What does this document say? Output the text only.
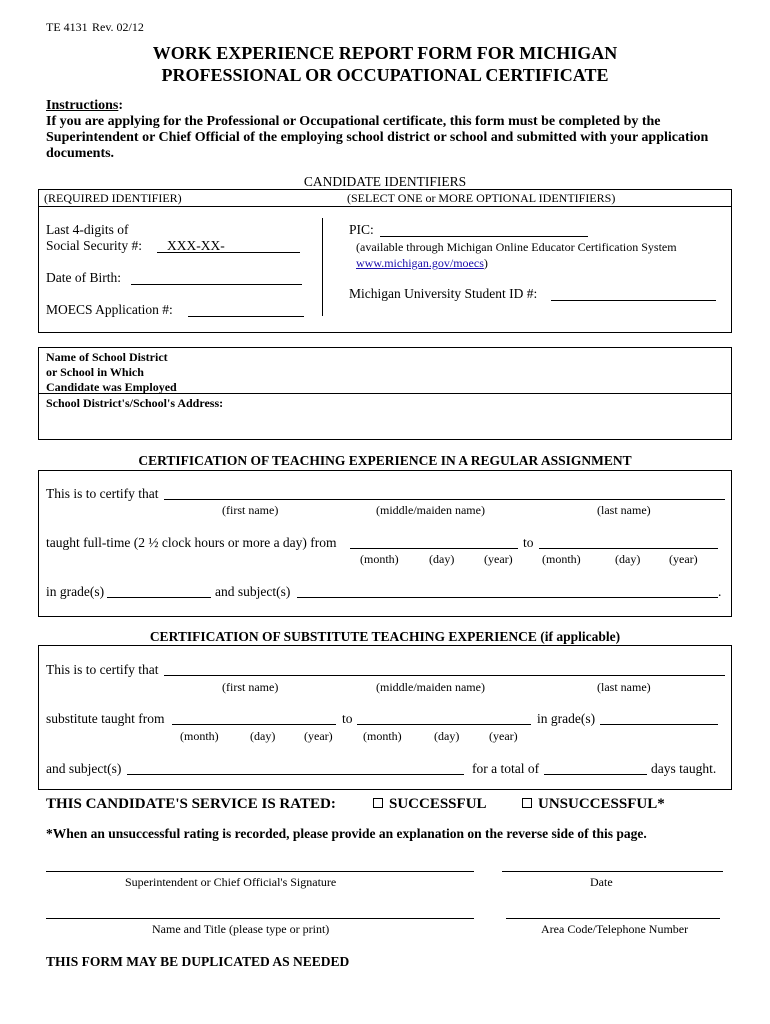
TE 4131 Rev. 02/12
WORK EXPERIENCE REPORT FORM FOR MICHIGAN
PROFESSIONAL OR OCCUPATIONAL CERTIFICATE
Instructions:
If you are applying for the Professional or Occupational certificate, this form must be completed by the
Superintendent or Chief Official of the employing school district or school and submitted with your application
documents.
CANDIDATE IDENTIFIERS
(REQUIRED IDENTIFIER)	(SELECT ONE or MORE OPTIONAL IDENTIFIERS)
Last 4-digits of
Social Security #: XXX-XX-
Date of Birth:
MOECS Application #:
PIC:
(available through Michigan Online Educator Certification System
www.michigan.gov/moecs)
Michigan University Student ID #:
Name of School District
or School in Which
Candidate was Employed
School District's/School's Address:
CERTIFICATION OF TEACHING EXPERIENCE IN A REGULAR ASSIGNMENT
This is to certify that
(first name)	(middle/maiden name)	(last name)
taught full-time (2 ½ clock hours or more a day) from	to
(month)	(day) (year) (month)	(day) (year)
in grade(s)	and subject(s)	.
CERTIFICATION OF SUBSTITUTE TEACHING EXPERIENCE (if applicable)
This is to certify that
(first name)	(middle/maiden name)	(last name)
substitute taught from	to	in grade(s)
(month)	(day) (year)	(month)	(day) (year)
and subject(s)	for a total of	days taught.
THIS CANDIDATE'S SERVICE IS RATED:	SUCCESSFUL	UNSUCCESSFUL*
*When an unsuccessful rating is recorded, please provide an explanation on the reverse side of this page.
Superintendent or Chief Official's Signature	Date
Name and Title (please type or print)	Area Code/Telephone Number
THIS FORM MAY BE DUPLICATED AS NEEDED
